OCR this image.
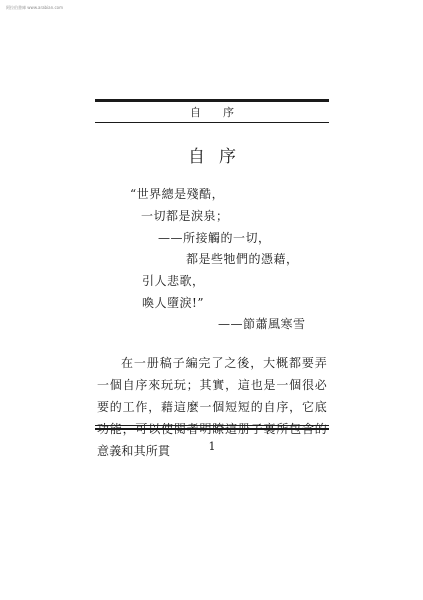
阿拉伯書庫 www.arabian.com
自序
自序
“世界總是殘酷，
一切都是淚泉；
——所接觸的一切，
都是些牠們的憑藉，
引人悲歌，
喚人墮淚!”
——節蕭風寒雪
在一册稿子編完了之後，大概都要弄一個自序來玩玩；其實，這也是一個很必要的工作，藉這麼一個短短的自序，它底 意義和其所貫	1
